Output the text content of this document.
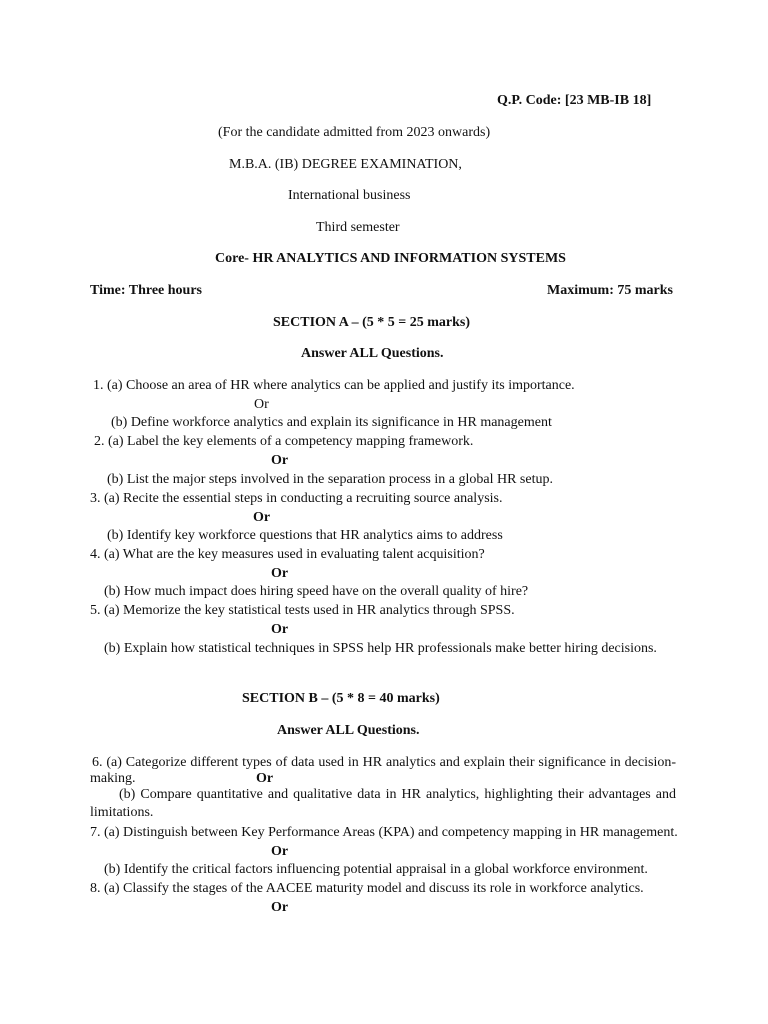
Q.P. Code: [23 MB-IB 18]
(For the candidate admitted from 2023 onwards)
M.B.A. (IB) DEGREE EXAMINATION,
International business
Third semester
Core- HR ANALYTICS AND INFORMATION SYSTEMS
Time: Three hours	Maximum: 75 marks
SECTION A – (5 * 5 = 25 marks)
Answer ALL Questions.
1. (a) Choose an area of HR where analytics can be applied and justify its importance.
Or
(b) Define workforce analytics and explain its significance in HR management
2. (a) Label the key elements of a competency mapping framework.
Or
(b) List the major steps involved in the separation process in a global HR setup.
3. (a) Recite the essential steps in conducting a recruiting source analysis.
Or
(b) Identify key workforce questions that HR analytics aims to address
4. (a) What are the key measures used in evaluating talent acquisition?
Or
(b) How much impact does hiring speed have on the overall quality of hire?
5. (a) Memorize the key statistical tests used in HR analytics through SPSS.
Or
(b) Explain how statistical techniques in SPSS help HR professionals make better hiring decisions.
SECTION B – (5 * 8 = 40 marks)
Answer ALL Questions.
6. (a) Categorize different types of data used in HR analytics and explain their significance in decision-
making.	Or
(b) Compare quantitative and qualitative data in HR analytics, highlighting their advantages and
limitations.
7. (a) Distinguish between Key Performance Areas (KPA) and competency mapping in HR management.
Or
(b) Identify the critical factors influencing potential appraisal in a global workforce environment.
8. (a) Classify the stages of the AACEE maturity model and discuss its role in workforce analytics.
Or
